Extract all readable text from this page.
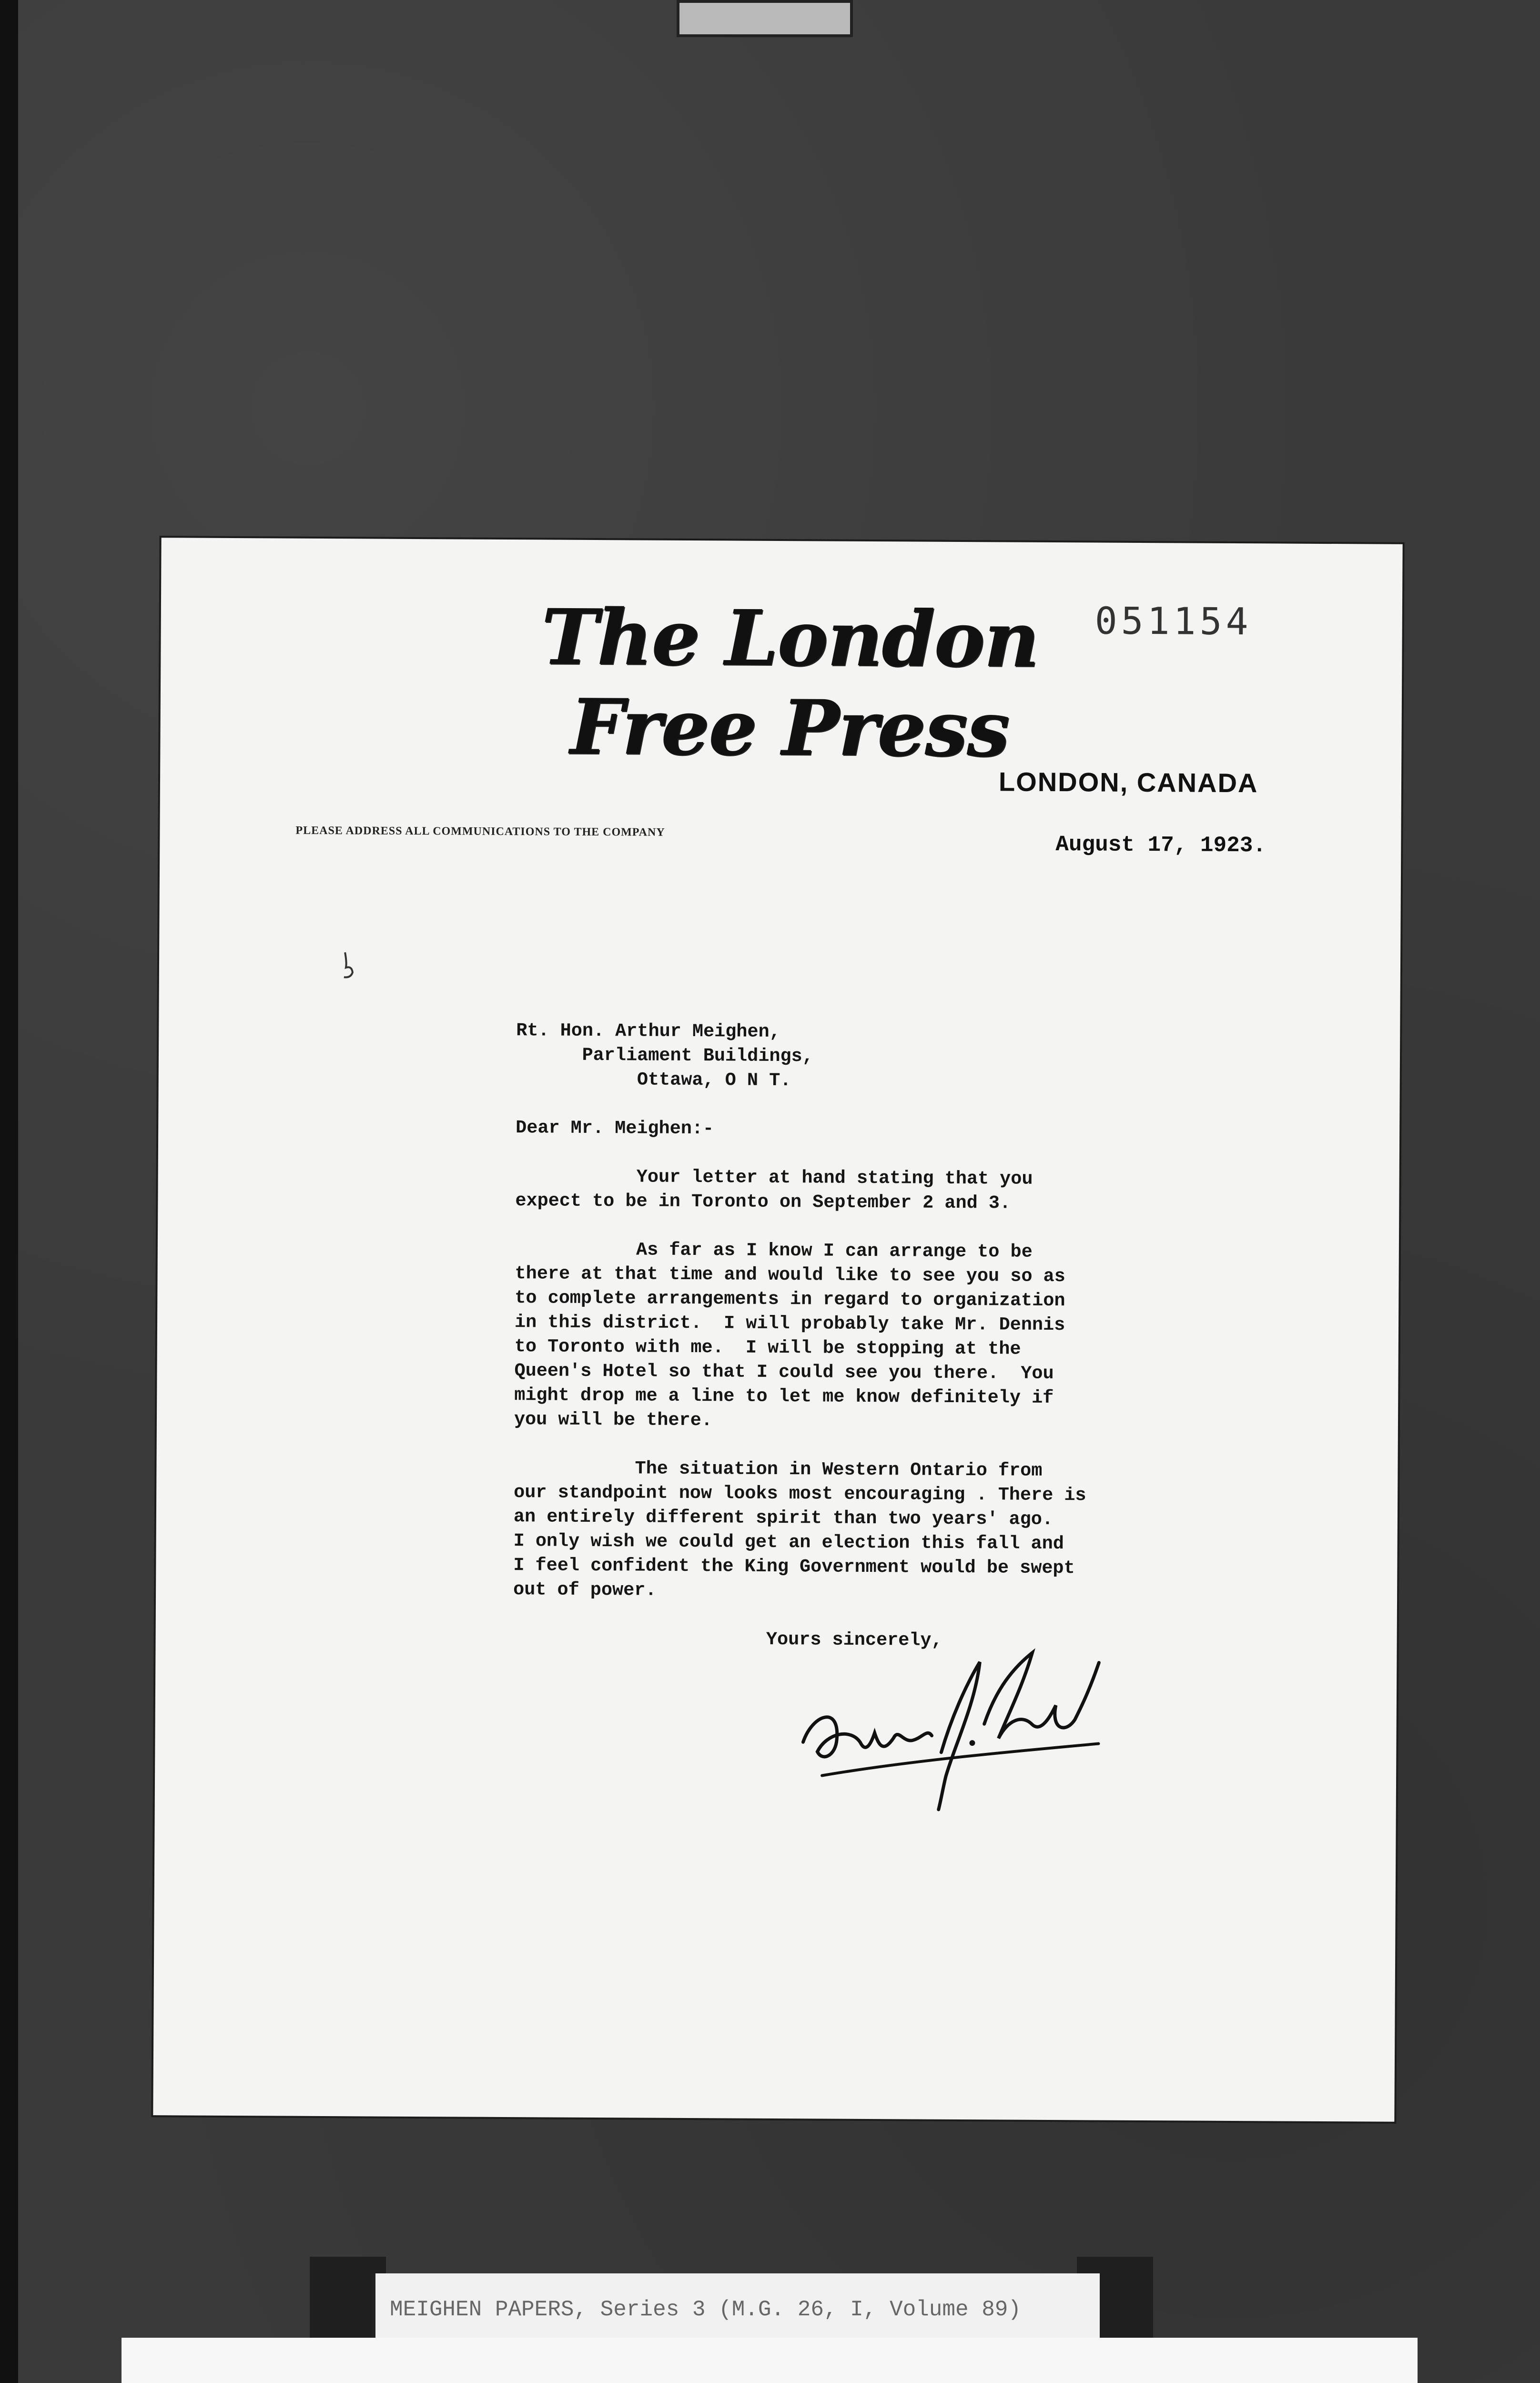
The London Free Press
051154
LONDON, CANADA
PLEASE ADDRESS ALL COMMUNICATIONS TO THE COMPANY
August 17, 1923.
Rt. Hon. Arthur Meighen,
Parliament Buildings,
Ottawa, O N T.
Dear Mr. Meighen:-
Your letter at hand stating that you
expect to be in Toronto on September 2 and 3.
As far as I know I can arrange to be
there at that time and would like to see you so as
to complete arrangements in regard to organization
in this district.  I will probably take Mr. Dennis
to Toronto with me.  I will be stopping at the
Queen's Hotel so that I could see you there.  You
might drop me a line to let me know definitely if
you will be there.
The situation in Western Ontario from
our standpoint now looks most encouraging . There is
an entirely different spirit than two years' ago.
I only wish we could get an election this fall and
I feel confident the King Government would be swept
out of power.
Yours sincerely,
MEIGHEN PAPERS, Series 3 (M.G. 26, I, Volume 89)
